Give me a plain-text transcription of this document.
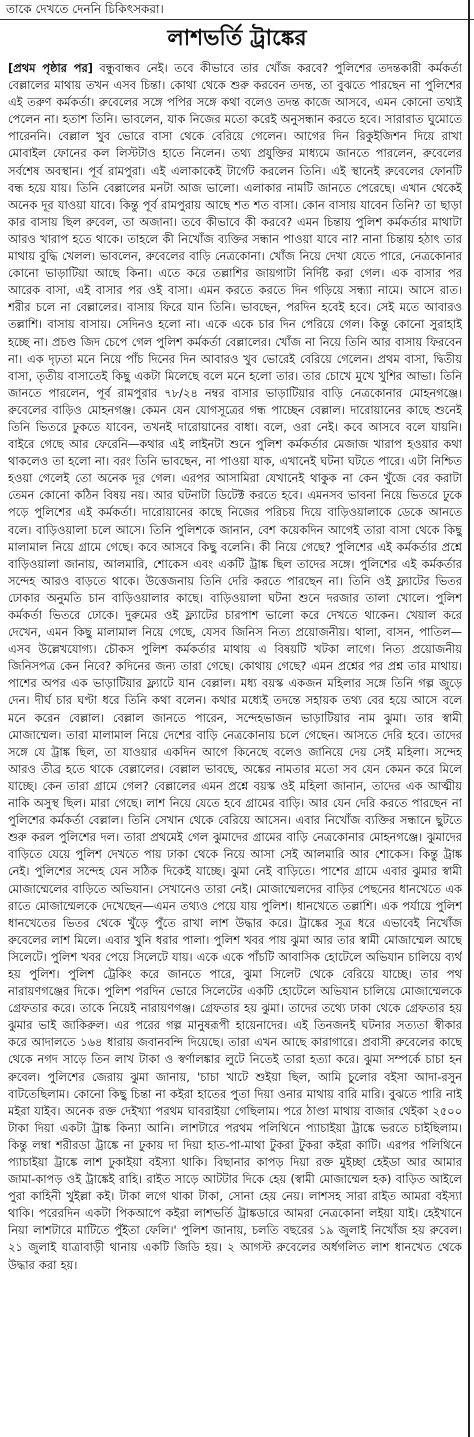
তাকে দেখতে দেননি চিকিৎসকরা।
লাশভর্তি ট্রাঙ্কের

[প্রথম পৃষ্ঠার পর] বন্ধুবান্ধব নেই। তবে কীভাবে তার খোঁজ করবে? পুলিশের তদন্তকারী কর্মকর্তা বেল্লালের মাথায় তখন এসব চিন্তা। কোথা থেকে শুরু করবেন তদন্ত, তা বুঝতে পারছেন না পুলিশের এই তরুণ কর্মকর্তা। রুবেলের সঙ্গে পপির সঙ্গে কথা বলেও তদন্ত কাজে আসবে, এমন কোনো তথ্যই পেলেন না। হতাশ তিনি। ভাবলেন, যাক নিজের মতো করেই অনুসন্ধান করতে হবে। সারারাত ঘুমোতে পারেননি। বেল্লাল খুব ভোরে বাসা থেকে বেরিয়ে গেলেন। আগের দিন রিকুইজিশন দিয়ে রাখা মোবাইল ফোনের কল লিস্টটাও হাতে নিলেন। তথ্য প্রযুক্তির মাধ্যমে জানতে পারলেন, রুবেলের সর্বশেষ অবস্থান। পূর্ব রামপুরা। এই এলাকাকেই টার্গেট করলেন তিনি। এই স্থানেই রুবেলের ফোনটি বন্ধ হয়ে যায়। তিনি বেল্লালের মনটা আজ ভালো। এলাকার নামটি জানতে পেরেছে। এখান থেকেই অনেক দূর যাওয়া যাবে। কিন্তু পূর্ব রামপুরায় আছে শত শত বাসা। কোন বাসায় যাবেন তিনি? তা ছাড়া কার বাসায় ছিল রুবেল, তা অজানা। তবে কীভাবে কী করবে? এমন চিন্তায় পুলিশ কর্মকর্তার মাথাটা আরও খারাপ হতে থাকে। তাহলে কী নিখোঁজ ব্যক্তির সন্ধান পাওয়া যাবে না? নানা চিন্তায় হঠাৎ তার মাথায় বুদ্ধি খেলল। ভাবলেন, রুবেলের বাড়ি নেত্রকোনা। খোঁজ নিয়ে দেখা যেতে পারে, নেত্রকোনার কোনো ভাড়াটিয়া আছে কিনা। এতে করে তল্লাশির জায়গাটা নির্দিষ্ট করা গেল। এক বাসার পর আরেক বাসা, এই বাসার পর ওই বাসা। এমন করতে করতে দিন গড়িয়ে সন্ধ্যা নামে। আসে রাত। শরীর চলে না বেল্লালের। বাসায় ফিরে যান তিনি। ভাবছেন, পরদিন হবেই হবে। সেই মতে আবারও তল্লাশি। বাসায় বাসায়। সেদিনও হলো না। একে একে চার দিন পেরিয়ে গেল। কিন্তু কোনো সুরাহাই হচ্ছে না। প্রচণ্ড জিদ চেপে গেল পুলিশ কর্মকর্তা বেল্লালের। খোঁজ না নিয়ে তিনি আর বাসায় ফিরবেন না। এক দৃঢ়তা মনে নিয়ে পাঁচ দিনের দিন আবারও খুব ভোরেই বেরিয়ে গেলেন। প্রথম বাসা, দ্বিতীয় বাসা, তৃতীয় বাসাতেই কিছু একটা মিলেছে বলে মনে হলো তার। তার চোখে মুখে খুশির আভা। তিনি জানতে পারলেন, পূর্ব রামপুরার ৭৮/২৪ নম্বর বাসার ভাড়াটিয়ার বাড়ি নেত্রকোনার মোহনগঞ্জে। রুবেলের বাড়িও মোহনগঞ্জ। কেমন যেন যোগসূত্রের গন্ধ পাচ্ছেন বেল্লাল। দারোয়ানের কাছে শুনেই তিনি ভিতরে ঢুকতে যাবেন, তখনই দারোয়ানের বাধা। বলে, ওরা নেই। কবে আসবে বলে যায়নি। বাইরে গেছে আর ফেরেনি—কথার এই লাইনটা শুনে পুলিশ কর্মকর্তার মেজাজ খারাপ হওয়ার কথা থাকলেও তা হলো না। বরং তিনি ভাবছেন, না পাওয়া যাক, এখানেই ঘটনা ঘটতে পারে। এটা নিশ্চিত হওয়া গেলেই তো অনেক দূর গেল। এরপর আসামিরা যেখানেই থাকুক না কেন খুঁজে বের করাটা তেমন কোনো কঠিন বিষয় নয়। আর ঘটনাটা ডিটেক্ট করতে হবে। এমনসব ভাবনা নিয়ে ভিতরে ঢুকে পড়ে পুলিশের এই কর্মকর্তা। দারোয়ানের কাছে নিজের পরিচয় দিয়ে বাড়িওয়ালাকে ডেকে আনতে বলে। বাড়িওয়ালা চলে আসে। তিনি পুলিশকে জানান, বেশ কয়েকদিন আগেই তারা বাসা থেকে কিছু মালামাল নিয়ে গ্রামে গেছে। কবে আসবে কিছু বলেনি। কী নিয়ে গেছে? পুলিশের এই কর্মকর্তার প্রশ্নে বাড়িওয়ালা জানায়, আলমারি, শোকেস এবং একটি ট্রাঙ্ক ছিল তাদের সঙ্গে। পুলিশের এই কর্মকর্তার সন্দেহ আরও বাড়তে থাকে। উত্তেজনায় তিনি দেরি করতে পারছেন না। তিনি ওই ফ্ল্যাটের ভিতর ঢোকার অনুমতি চান বাড়িওয়ালার কাছে। বাড়িওয়ালা ঘটনা শুনে দরজার তালা খোলে। পুলিশ কর্মকর্তা ভিতরে ঢোকে। দুরুমের ওই ফ্ল্যাটের চারপাশ ভালো করে দেখতে থাকেন। খেয়াল করে দেখেন, এমন কিছু মালামাল নিয়ে গেছে, যেসব জিনিস নিত্য প্রয়োজনীয়। থালা, বাসন, পাতিল—এসব উল্লেখযোগ্য। চৌকস পুলিশ কর্মকর্তার মাথায় এ বিষয়টি খটকা লাগে। নিত্য প্রয়োজনীয় জিনিসপত্র কেন নিবে? কদিনের জন্য তারা গেছে। কোথায় গেছে? এমন প্রশ্নের পর প্রশ্ন তার মাথায়। পাশের অপর এক ভাড়াটিয়ার ফ্ল্যাটে যান বেল্লাল। মধ্য বয়স্ক একজন মহিলার সঙ্গে তিনি গল্প জুড়ে দেন। দীর্ঘ চার ঘণ্টা ধরে তিনি কথা বলেন। কথার মধ্যেই তদন্তে সহায়ক তথ্য বের হয়ে আসে বলে মনে করেন বেল্লাল। বেল্লাল জানতে পারেন, সন্দেহভাজন ভাড়াটিয়ার নাম ঝুমা। তার স্বামী মোজাম্মেল। তারা মালামাল নিয়ে দেশের বাড়ি নেত্রকোনায় চলে গেছেন। আসতে দেরি হবে। তাদের সঙ্গে যে ট্রাঙ্ক ছিল, তা যাওয়ার একদিন আগে কিনেছে বলেও জানিয়ে দেয় সেই মহিলা। সন্দেহ আরও তীব্র হতে থাকে বেল্লালের। বেল্লাল ভাবছে, অঙ্কের নামতার মতো সব যেন কেমন করে মিলে যাচ্ছে। কেন তারা গ্রামে গেল? বেল্লালের এমন প্রশ্নে বয়স্ক ওই মহিলা জানান, তাদের এক আত্মীয় নাকি অসুস্থ ছিল। মারা গেছে। লাশ নিয়ে যেতে হবে গ্রামের বাড়ি। আর যেন দেরি করতে পারছেন না পুলিশের কর্মকর্তা বেল্লাল। তিনি সেখান থেকে বেরিয়ে আসেন। এবার নিখোঁজ ব্যক্তির সন্ধানে ছুটতে শুরু করল পুলিশের দল। তারা প্রথমেই গেল ঝুমাদের গ্রামের বাড়ি নেত্রকোনার মোহনগঞ্জে। ঝুমাদের বাড়িতে যেয়ে পুলিশ দেখতে পায় ঢাকা থেকে নিয়ে আসা সেই আলমারি আর শোকেস। কিন্তু ট্রাঙ্ক নেই। পুলিশের সন্দেহ যেন সঠিক দিকেই যাচ্ছে। ঝুমা নেই বাড়িতে। পাশের গ্রামে এবার ঝুমার স্বামী মোজাম্মেলের বাড়িতে অভিযান। সেখানেও তারা নেই। মোজাম্মেলদের বাড়ির পেছনের ধানখেতে এক রাতে মোজাম্মেলকে দেখেছেন—এমন তথ্যও পেয়ে যায় পুলিশ। ধানখেতে তল্লাশি। এক পর্যায়ে পুলিশ ধানখেতের ভিতর থেকে খুঁড়ে পুঁতে রাখা লাশ উদ্ধার করে। ট্রাঙ্কের সূত্র ধরে এভাবেই নিখোঁজ রুবেলের লাশ মিলে। এবার খুনি ধরার পালা। পুলিশ খবর পায় ঝুমা আর তার স্বামী মোজাম্মেল আছে সিলেটে। পুলিশ খবর পেয়ে সিলেটে যায়। একে একে পাঁচটি আবাসিক হোটেলে অভিযান চালিয়ে ব্যর্থ হয় পুলিশ। পুলিশ ট্রেকিং করে জানতে পারে, ঝুমা সিলেট থেকে বেরিয়ে যাচ্ছে। তার পথ নারায়ণগঞ্জের দিকে। পুলিশ পরদিন ভোরে সিলেটের একটি হোটেলে অভিযান চালিয়ে মোজাম্মেলকে গ্রেফতার করে। তাকে নিয়েই নারায়ণগঞ্জ। গ্রেফতার হয় ঝুমা। তাদের তথ্যে ঢাকা থেকে গ্রেফতার হয় ঝুমার ভাই জাকিরুল। এর পরের গল্প মানুষরূপী হায়েনাদের। এই তিনজনই ঘটনার সত্যতা স্বীকার করে আদালতে ১৬৪ ধারায় জবানবন্দি দিয়েছে। তারা এখন আছে কারাগারে। প্রবাসী রুবেলের কাছে থেকে নগদ সাড়ে তিন লাখ টাকা ও স্বর্ণালঙ্কার লুটে নিতেই তারা হত্যা করে। ঝুমা সম্পর্কে চাচা হন রুবেল। পুলিশের জেরায় ঝুমা জানায়, 'চাচা খাটে শুইয়া ছিল, আমি চুলোর বইসা আদা-রসুন বাটতেছিলাম। কোনো কিছু চিন্তা না কইরা হাতের পুতা দিয়া ওনার মাথায় বারি মারি। বুঝতে পারি নাই মইরা যাইব। অনেক রক্ত দেইখ্যা পরথম ঘাবরাইয়া গেছিলাম। পরে ঠাণ্ডা মাথায় বাজার থেইকা ২৫০০ টাকা দিয়া একটা ট্রাঙ্ক কিন্যা আনি। লাশটারে পরথম পলিথিনে প্যাচাইয়া ট্রাঙ্কে ভরতে চাইছিলাম। কিন্তু লম্বা শরীরডা ট্রাঙ্কে না ঢুকায় দা দিয়া হাত-পা-মাথা টুকরা টুকরা কইরা কাটি। এরপর পলিথিনে প্যাচাইয়া ট্রাঙ্কে লাশ ঢুকাইয়া বইস্যা থাকি। বিছানার কাপড় দিয়া রক্ত মুইচ্ছা হেইডা আর আমার জামা-কাপড় ওই ট্রাঙ্কেই রাহি। রাইত সাড়ে আটটার দিকে হেয় (স্বামী মোজাম্মেল হক) বাড়িত আইলে পুরা কাহিনী খুইল্লা কই। টাকা লগে থাকা টাকা, সোনা হেয় নেয়। লাশসহ সারা রাইত আমরা বইস্যা থাকি। পরেরদিন একটা পিকআপে কইরা লাশভর্তি ট্রাঙ্কডারে আমরা নেত্রকোনা লইয়া যাই। হেইখানে নিয়া লাশটারে মাটিতে পুঁইতা ফেলি।' পুলিশ জানায়, চলতি বছরের ১৯ জুলাই নিখোঁজ হয় রুবেল। ২১ জুলাই যাত্রাবাড়ী থানায় একটি জিডি হয়। ২ আগস্ট রুবেলের অর্ধগলিত লাশ ধানখেত থেকে উদ্ধার করা হয়।
